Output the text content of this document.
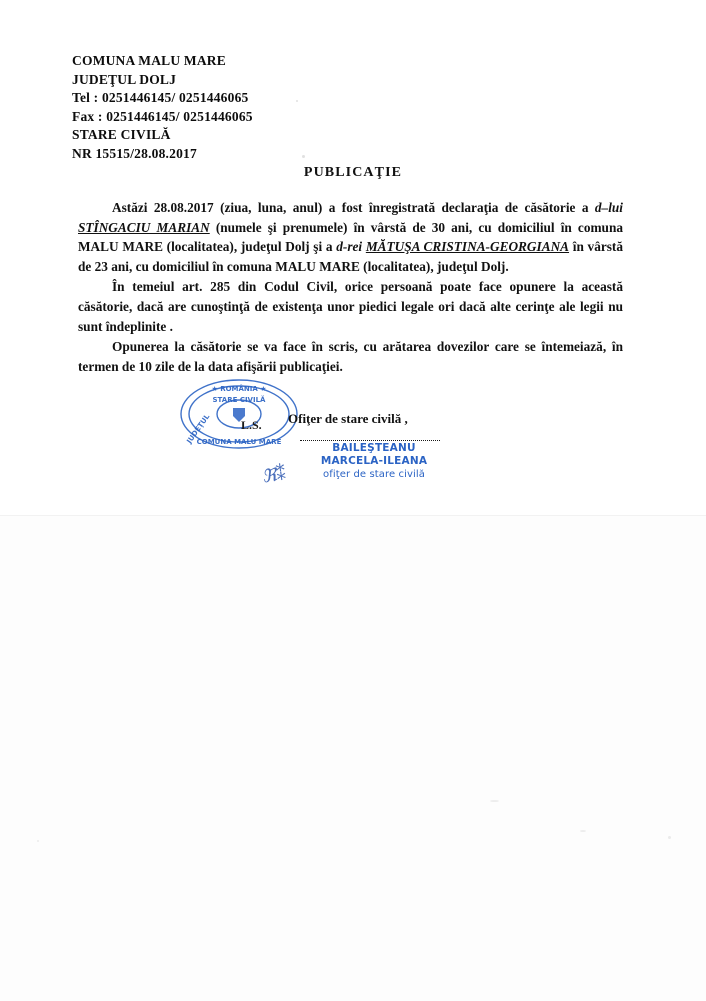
COMUNA MALU MARE
JUDEŢUL DOLJ
Tel : 0251446145/ 0251446065
Fax : 0251446145/ 0251446065
STARE CIVILĂ
NR 15515/28.08.2017
PUBLICAŢIE

Astăzi 28.08.2017 (ziua, luna, anul) a fost înregistrată declaraţia de căsătorie a d–lui STÎNGACIU MARIAN (numele şi prenumele) în vârstă de 30 ani, cu domiciliul în comuna MALU MARE (localitatea), judeţul Dolj şi a d-rei MĂTUŞA CRISTINA-GEORGIANA în vârstă de 23 ani, cu domiciliul în comuna MALU MARE (localitatea), judeţul Dolj.

În temeiul art. 285 din Codul Civil, orice persoană poate face opunere la această căsătorie, dacă are cunoştinţă de existenţa unor piedici legale ori dacă alte cerinţe ale legii nu sunt îndeplinite .

Opunerea la căsătorie se va face în scris, cu arătarea dovezilor care se întemeiază, în termen de 10 zile de la data afişării publicaţiei.

★ ROMÂNIA ★
STARE CIVILĂ
COMUNA MALU MARE
JUDEŢUL L.S. Ofiţer de stare civilă ,
BAILEŞTEANU MARCELA-ILEANA
ofiţer de stare civilă
ℜ⁑
